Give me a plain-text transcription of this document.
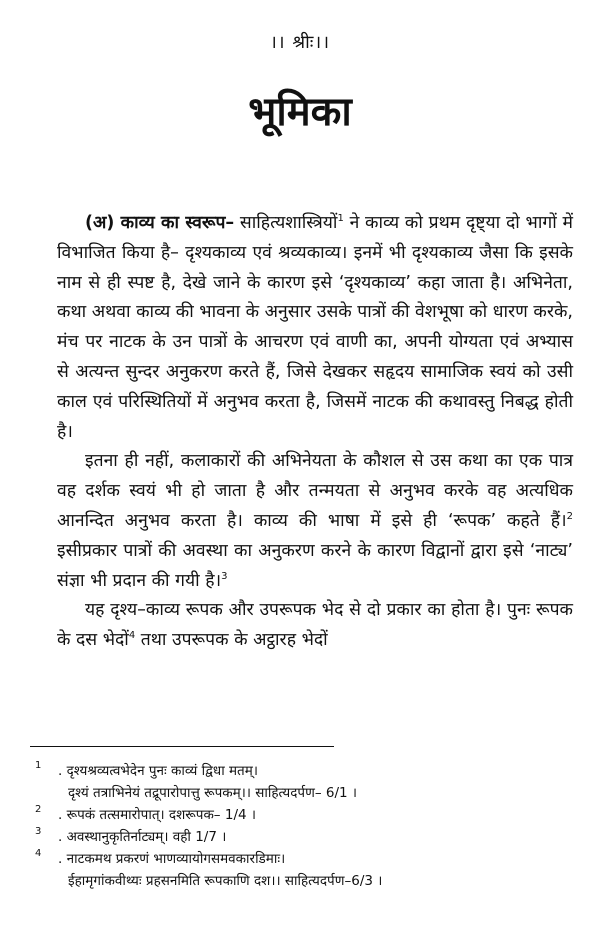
।। श्रीः।।
भूमिका

(अ) काव्य का स्वरूप– साहित्यशास्त्रियों$^1$ ने काव्य को प्रथम दृष्ट्या दो भागों में विभाजित किया है– दृश्यकाव्य एवं श्रव्यकाव्य। इनमें भी दृश्यकाव्य जैसा कि इसके नाम से ही स्पष्ट है, देखे जाने के कारण इसे ‘दृश्यकाव्य’ कहा जाता है। अभिनेता, कथा अथवा काव्य की भावना के अनुसार उसके पात्रों की वेशभूषा को धारण करके, मंच पर नाटक के उन पात्रों के आचरण एवं वाणी का, अपनी योग्यता एवं अभ्यास से अत्यन्त सुन्दर अनुकरण करते हैं, जिसे देखकर सहृदय सामाजिक स्वयं को उसी काल एवं परिस्थितियों में अनुभव करता है, जिसमें नाटक की कथावस्तु निबद्ध होती है।

इतना ही नहीं, कलाकारों की अभिनेयता के कौशल से उस कथा का एक पात्र वह दर्शक स्वयं भी हो जाता है और तन्मयता से अनुभव करके वह अत्यधिक आनन्दित अनुभव करता है। काव्य की भाषा में इसे ही ‘रूपक’ कहते हैं।$^2$ इसीप्रकार पात्रों की अवस्था का अनुकरण करने के कारण विद्वानों द्वारा इसे ‘नाट्य’ संज्ञा भी प्रदान की गयी है।$^3$

यह दृश्य–काव्य रूपक और उपरूपक भेद से दो प्रकार का होता है। पुनः रूपक के दस भेदों$^4$ तथा उपरूपक के अट्ठारह भेदों

1	. दृश्यश्रव्यत्वभेदेन पुनः काव्यं द्विधा मतम्।
दृश्यं तत्राभिनेयं तद्रूपारोपात्तु रूपकम्।। साहित्यदर्पण– 6/1 ।
2	. रूपकं तत्समारोपात्। दशरूपक– 1/4 ।
3	. अवस्थानुकृतिर्नाट्यम्। वही 1/7 ।
4	. नाटकमथ प्रकरणं भाणव्यायोगसमवकारडिमाः।
ईहामृगांकवीथ्यः प्रहसनमिति रूपकाणि दश।। साहित्यदर्पण–6/3 ।
